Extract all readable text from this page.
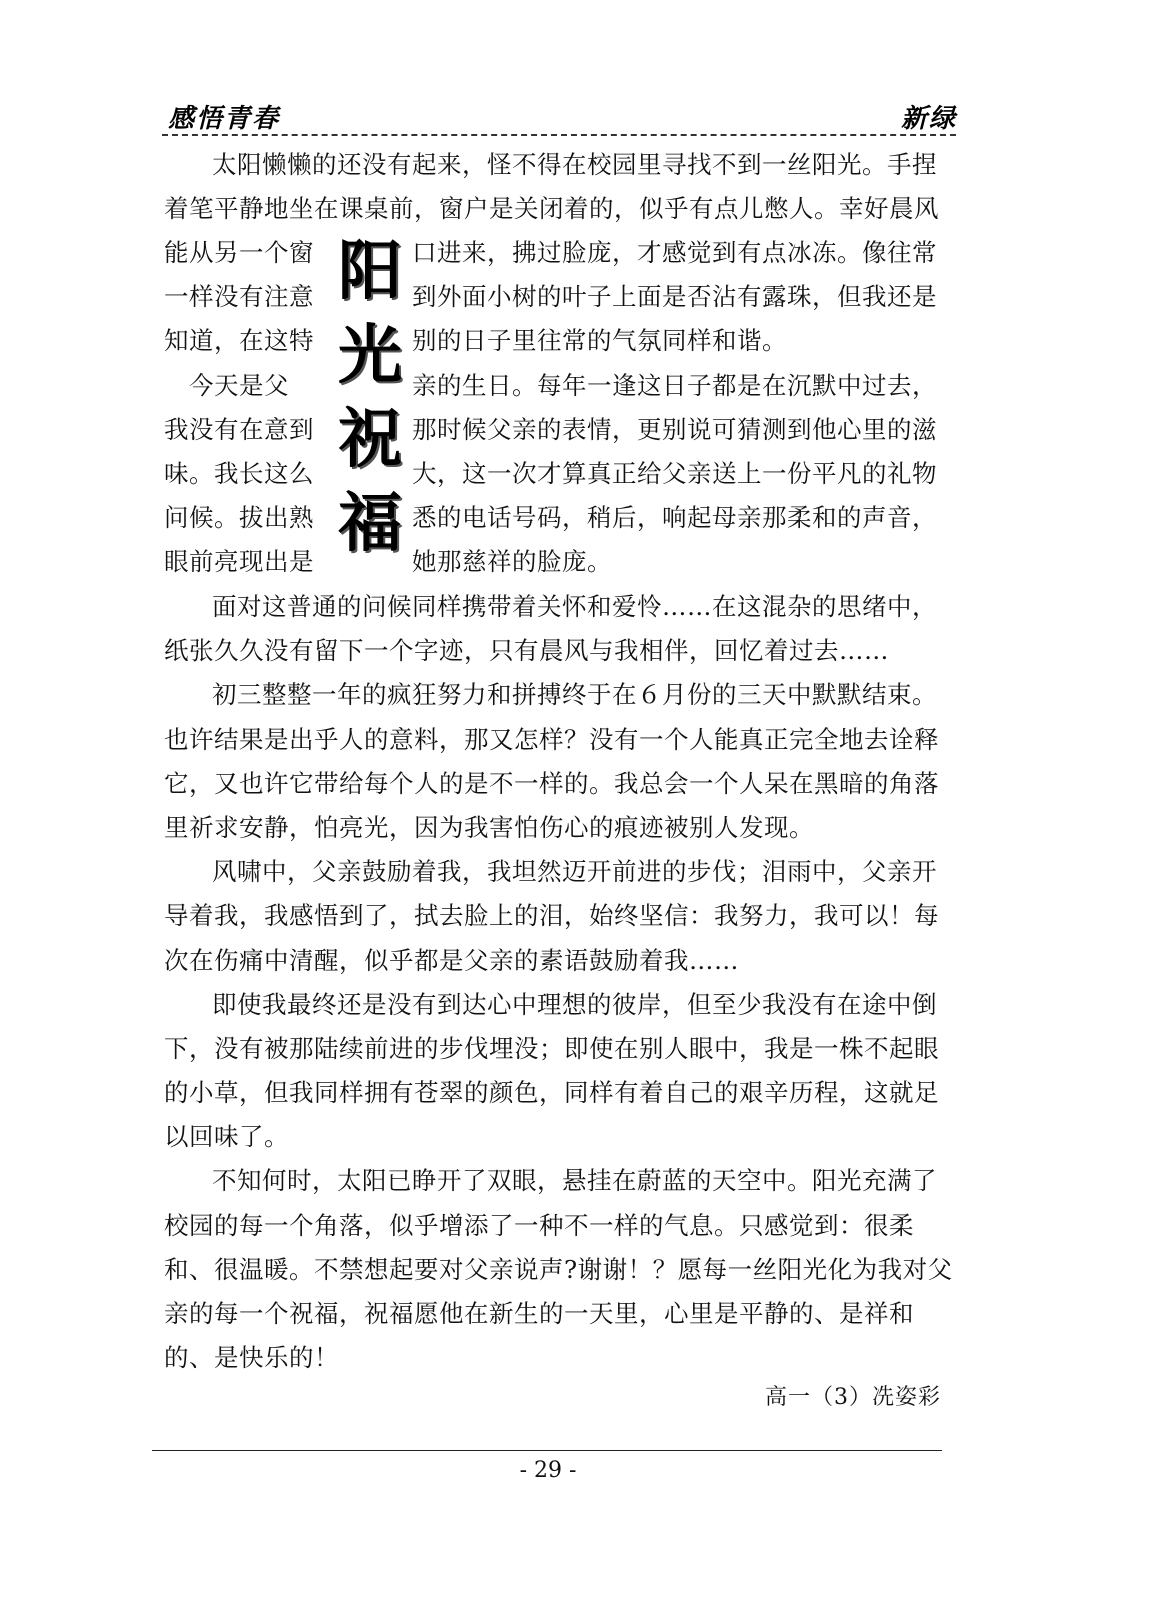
感悟青春	新绿
太阳懒懒的还没有起来，怪不得在校园里寻找不到一丝阳光。手捏
着笔平静地坐在课桌前，窗户是关闭着的，似乎有点儿憋人。幸好晨风
能从另一个窗	口进来，拂过脸庞，才感觉到有点冰冻。像往常
一样没有注意	到外面小树的叶子上面是否沾有露珠，但我还是
知道，在这特	别的日子里往常的气氛同样和谐。
　今天是父	亲的生日。每年一逢这日子都是在沉默中过去，
我没有在意到	那时候父亲的表情，更别说可猜测到他心里的滋
味。我长这么	大，这一次才算真正给父亲送上一份平凡的礼物
问候。拔出熟	悉的电话号码，稍后，响起母亲那柔和的声音，
眼前亮现出是	她那慈祥的脸庞。
阳
光
祝
福
面对这普通的问候同样携带着关怀和爱怜……在这混杂的思绪中，
纸张久久没有留下一个字迹，只有晨风与我相伴，回忆着过去……
初三整整一年的疯狂努力和拼搏终于在６月份的三天中默默结束。
也许结果是出乎人的意料，那又怎样？没有一个人能真正完全地去诠释
它，又也许它带给每个人的是不一样的。我总会一个人呆在黑暗的角落
里祈求安静，怕亮光，因为我害怕伤心的痕迹被别人发现。
风啸中，父亲鼓励着我，我坦然迈开前进的步伐；泪雨中，父亲开
导着我，我感悟到了，拭去脸上的泪，始终坚信：我努力，我可以！每
次在伤痛中清醒，似乎都是父亲的素语鼓励着我……
即使我最终还是没有到达心中理想的彼岸，但至少我没有在途中倒
下，没有被那陆续前进的步伐埋没；即使在别人眼中，我是一株不起眼
的小草，但我同样拥有苍翠的颜色，同样有着自己的艰辛历程，这就足
以回味了。
不知何时，太阳已睁开了双眼，悬挂在蔚蓝的天空中。阳光充满了
校园的每一个角落，似乎增添了一种不一样的气息。只感觉到：很柔
和、很温暖。不禁想起要对父亲说声?谢谢！？愿每一丝阳光化为我对父
亲的每一个祝福，祝福愿他在新生的一天里，心里是平静的、是祥和
的、是快乐的！
高一（3）冼姿彩
- 29 -
